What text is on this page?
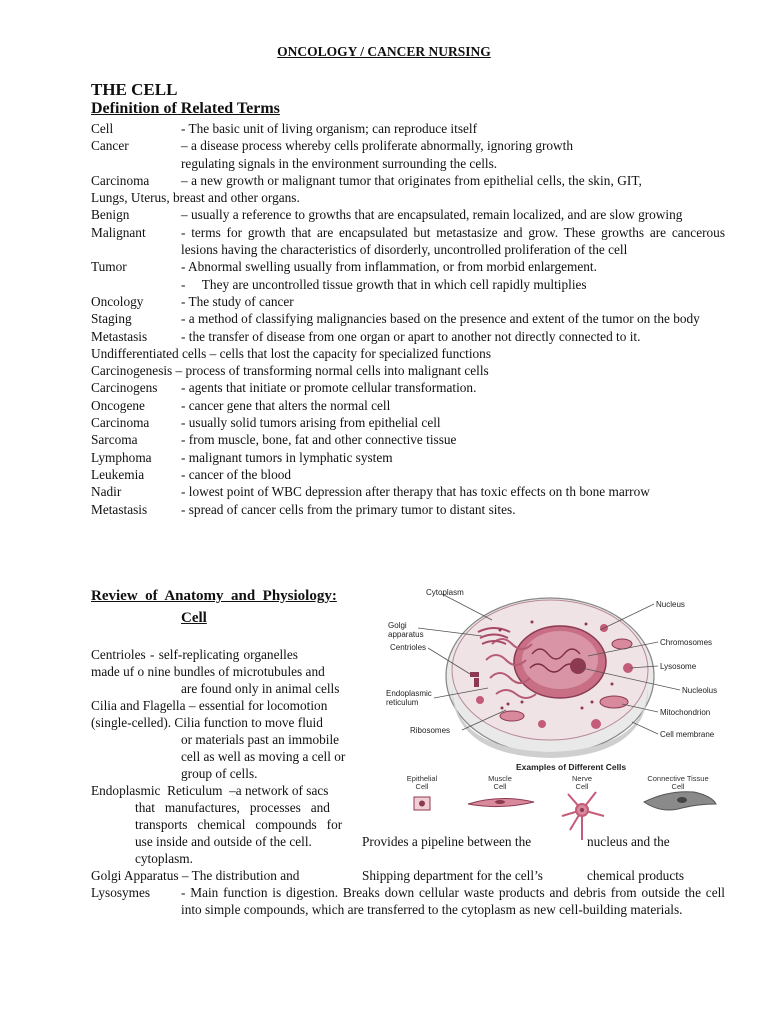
ONCOLOGY / CANCER NURSING
THE CELL
Definition of Related Terms
Cell	- The basic unit of living organism; can reproduce itself
Cancer	– a disease process whereby cells proliferate abnormally, ignoring growth
regulating signals in the environment surrounding the cells.
Carcinoma	– a new growth or malignant tumor that originates from epithelial cells, the skin, GIT,
Lungs, Uterus, breast and other organs.
Benign	– usually a reference to growths that are encapsulated, remain localized, and are slow growing
Malignant	- terms for growth that are encapsulated but metastasize and grow. These growths are cancerous lesions having the characteristics of disorderly, uncontrolled proliferation of the cell
Tumor	- Abnormal swelling usually from inflammation, or from morbid enlargement.
-     They are uncontrolled tissue growth that in which cell rapidly multiplies
Oncology	- The study of cancer
Staging	- a method of classifying malignancies based on the presence and extent of the tumor on the body
Metastasis	- the transfer of disease from one organ or apart to another not directly connected to it.
Undifferentiated cells – cells that lost the capacity for specialized functions
Carcinogenesis – process of transforming normal cells into malignant cells
Carcinogens	- agents that initiate or promote cellular transformation.
Oncogene	- cancer gene that alters the normal cell
Carcinoma	- usually solid tumors arising from epithelial cell
Sarcoma	- from muscle, bone, fat and other connective tissue
Lymphoma	- malignant tumors in lymphatic system
Leukemia	- cancer of the blood
Nadir	- lowest point of WBC depression after therapy that has toxic effects on th bone marrow
Metastasis	- spread of cancer cells from the primary tumor to distant sites.
Review  of  Anatomy  and  Physiology:
Cell
Centrioles - self-replicating organelles
made uf o nine bundles of microtubules and
are found only in animal cells
Cilia and Flagella – essential for locomotion
(single-celled). Cilia function to move fluid
or materials past an immobile
cell as well as moving a cell or
group of cells.
Endoplasmic  Reticulum  –a network of sacs
that   manufactures,   processes   and
transports   chemical   compounds   for
use inside and outside of the cell.	Provides a pipeline between the	nucleus and the
cytoplasm.
Golgi Apparatus – The distribution and	Shipping department for the cell’s	chemical products
Lysosymes	- Main function is digestion. Breaks down cellular waste products and debris from outside the cell into simple compounds, which are transferred to the cytoplasm as new cell-building materials.
Cytoplasm
Nucleus
Golgi
apparatus
Chromosomes
Centrioles
Lysosome
Endoplasmic
reticulum
Nucleolus
Mitochondrion
Ribosomes	Cell membrane
Examples of Different Cells
Epithelial
Cell
Muscle
Cell
Nerve
Cell
Connective Tissue
Cell
